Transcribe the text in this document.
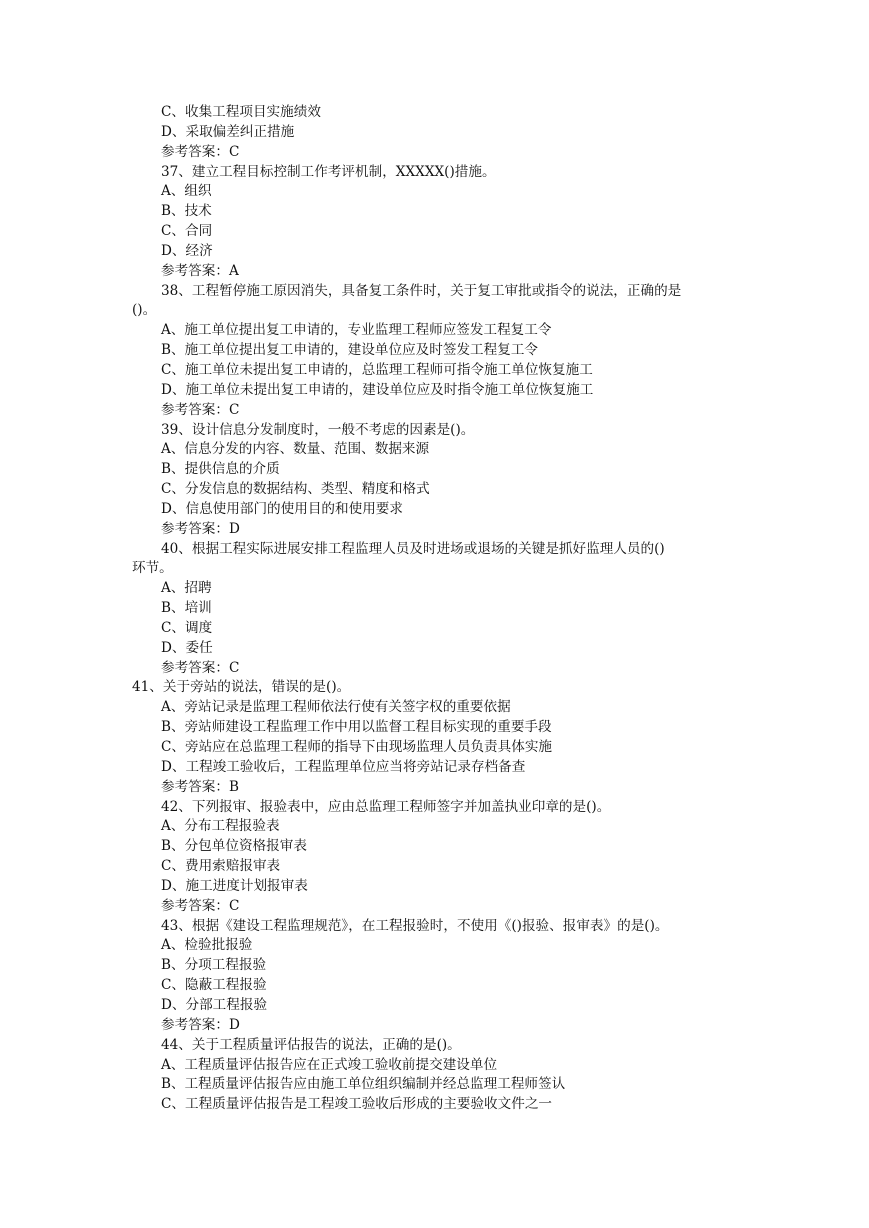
C、收集工程项目实施绩效
D、采取偏差纠正措施
参考答案：C
37、建立工程目标控制工作考评机制，XXXXX()措施。
A、组织
B、技术
C、合同
D、经济
参考答案：A
38、工程暂停施工原因消失，具备复工条件时，关于复工审批或指令的说法，正确的是
()。
A、施工单位提出复工申请的，专业监理工程师应签发工程复工令
B、施工单位提出复工申请的，建设单位应及时签发工程复工令
C、施工单位未提出复工申请的，总监理工程师可指令施工单位恢复施工
D、施工单位未提出复工申请的，建设单位应及时指令施工单位恢复施工
参考答案：C
39、设计信息分发制度时，一般不考虑的因素是()。
A、信息分发的内容、数量、范围、数据来源
B、提供信息的介质
C、分发信息的数据结构、类型、精度和格式
D、信息使用部门的使用目的和使用要求
参考答案：D
40、根据工程实际进展安排工程监理人员及时进场或退场的关键是抓好监理人员的()
环节。
A、招聘
B、培训
C、调度
D、委任
参考答案：C
41、关于旁站的说法，错误的是()。
A、旁站记录是监理工程师依法行使有关签字权的重要依据
B、旁站师建设工程监理工作中用以监督工程目标实现的重要手段
C、旁站应在总监理工程师的指导下由现场监理人员负责具体实施
D、工程竣工验收后，工程监理单位应当将旁站记录存档备查
参考答案：B
42、下列报审、报验表中，应由总监理工程师签字并加盖执业印章的是()。
A、分布工程报验表
B、分包单位资格报审表
C、费用索赔报审表
D、施工进度计划报审表
参考答案：C
43、根据《建设工程监理规范》，在工程报验时，不使用《()报验、报审表》的是()。
A、检验批报验
B、分项工程报验
C、隐蔽工程报验
D、分部工程报验
参考答案：D
44、关于工程质量评估报告的说法，正确的是()。
A、工程质量评估报告应在正式竣工验收前提交建设单位
B、工程质量评估报告应由施工单位组织编制并经总监理工程师签认
C、工程质量评估报告是工程竣工验收后形成的主要验收文件之一
